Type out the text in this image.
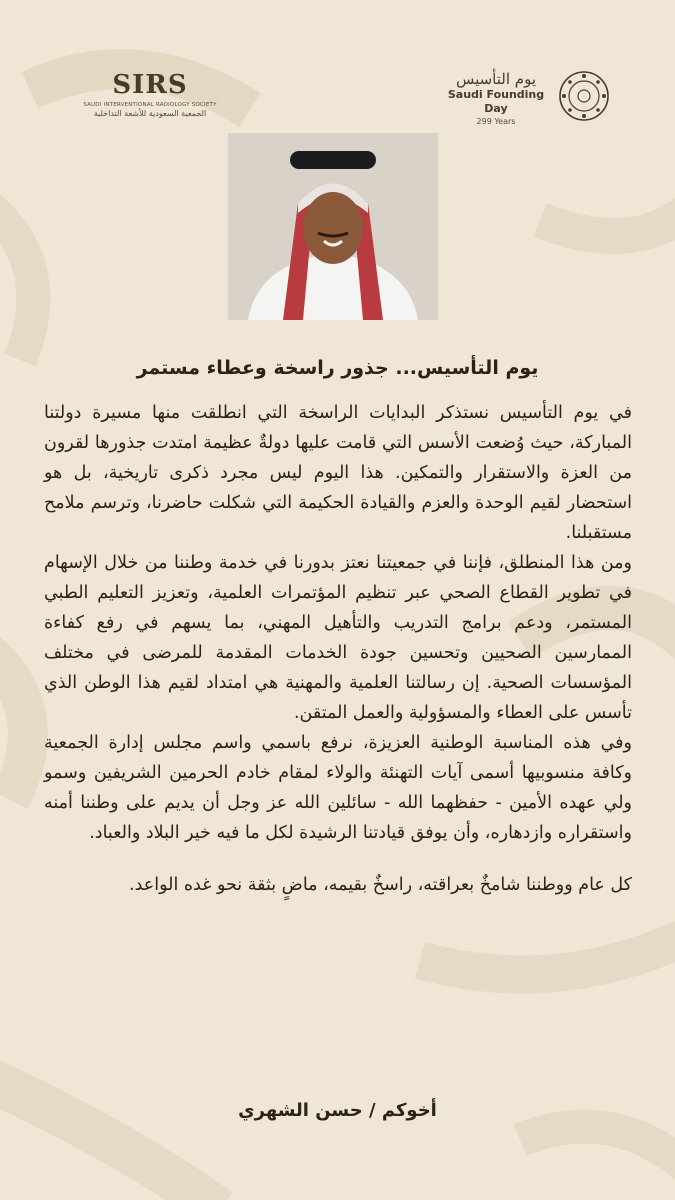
SIRS
SAUDI INTERVENTIONAL RADIOLOGY SOCIETY
الجمعية السعودية للأشعة التداخلية
يوم التأسيس
Saudi Founding Day
299 Years
يوم التأسيس... جذور راسخة وعطاء مستمر

في يوم التأسيس نستذكر البدايات الراسخة التي انطلقت منها مسيرة دولتنا المباركة، حيث وُضعت الأسس التي قامت عليها دولةٌ عظيمة امتدت جذورها لقرون من العزة والاستقرار والتمكين. هذا اليوم ليس مجرد ذكرى تاريخية، بل هو استحضار لقيم الوحدة والعزم والقيادة الحكيمة التي شكلت حاضرنا، وترسم ملامح مستقبلنا.

ومن هذا المنطلق، فإننا في جمعيتنا نعتز بدورنا في خدمة وطننا من خلال الإسهام في تطوير القطاع الصحي عبر تنظيم المؤتمرات العلمية، وتعزيز التعليم الطبي المستمر، ودعم برامج التدريب والتأهيل المهني، بما يسهم في رفع كفاءة الممارسين الصحيين وتحسين جودة الخدمات المقدمة للمرضى في مختلف المؤسسات الصحية. إن رسالتنا العلمية والمهنية هي امتداد لقيم هذا الوطن الذي تأسس على العطاء والمسؤولية والعمل المتقن.

وفي هذه المناسبة الوطنية العزيزة، نرفع باسمي واسم مجلس إدارة الجمعية وكافة منسوبيها أسمى آيات التهنئة والولاء لمقام خادم الحرمين الشريفين وسمو ولي عهده الأمين - حفظهما الله - سائلين الله عز وجل أن يديم على وطننا أمنه واستقراره وازدهاره، وأن يوفق قيادتنا الرشيدة لكل ما فيه خير البلاد والعباد.

كل عام ووطننا شامخٌ بعراقته، راسخٌ بقيمه، ماضٍ بثقة نحو غده الواعد.

أخوكم / حسن الشهري
